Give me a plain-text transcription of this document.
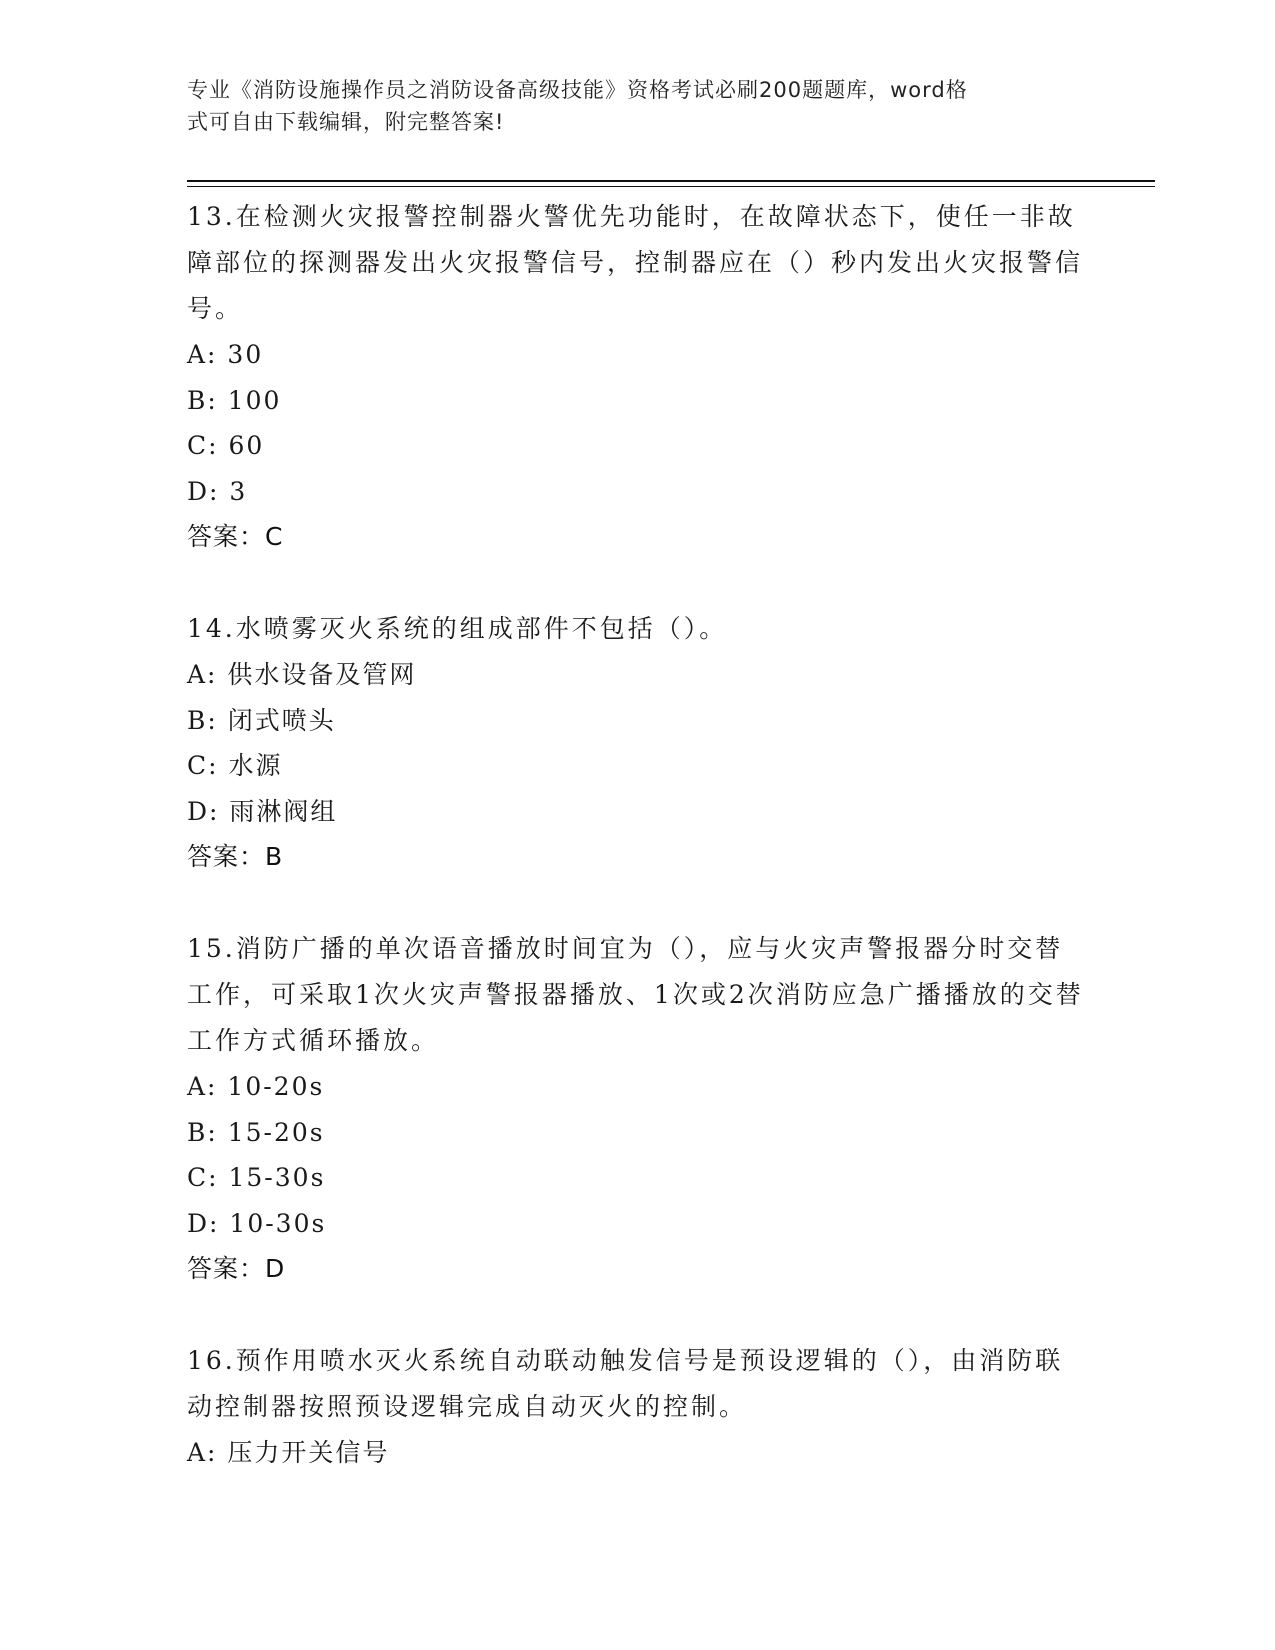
专业《消防设施操作员之消防设备高级技能》资格考试必刷200题题库，word格
式可自由下载编辑，附完整答案!

13.在检测火灾报警控制器火警优先功能时，在故障状态下，使任一非故障部位的探测器发出火灾报警信号，控制器应在（）秒内发出火灾报警信号。

A: 30

B: 100

C: 60

D: 3

答案：C

14.水喷雾灭火系统的组成部件不包括（）。

A: 供水设备及管网

B: 闭式喷头

C: 水源

D: 雨淋阀组

答案：B

15.消防广播的单次语音播放时间宜为（），应与火灾声警报器分时交替工作，可采取1次火灾声警报器播放、1次或2次消防应急广播播放的交替工作方式循环播放。

A: 10-20s

B: 15-20s

C: 15-30s

D: 10-30s

答案：D

16.预作用喷水灭火系统自动联动触发信号是预设逻辑的（），由消防联动控制器按照预设逻辑完成自动灭火的控制。

A: 压力开关信号
